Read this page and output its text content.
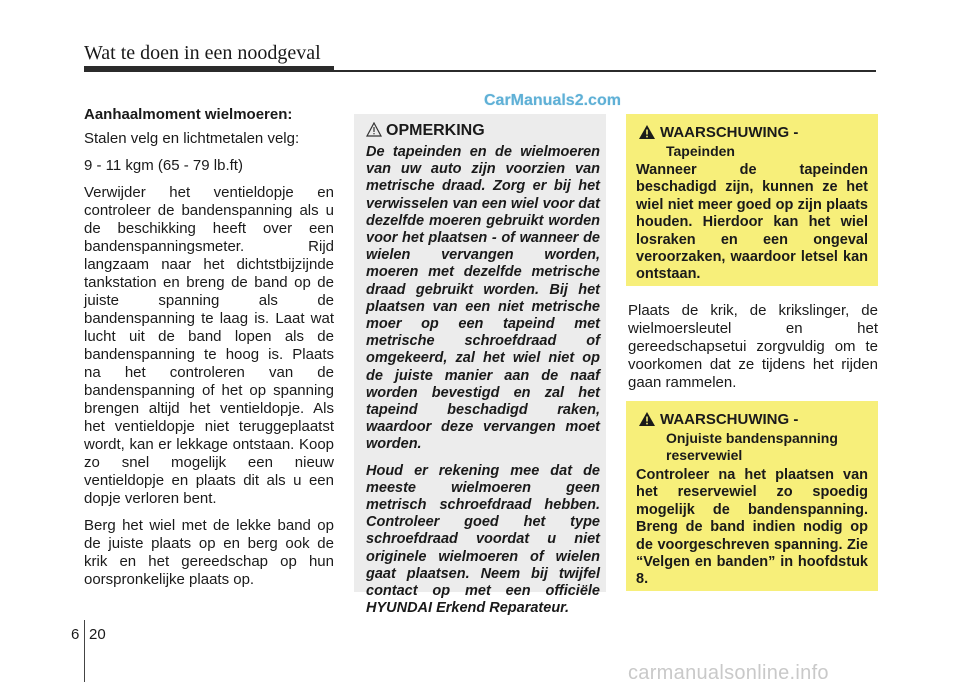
Wat te doen in een noodgeval
CarManuals2.com

Aanhaalmoment wielmoeren:

Stalen velg en lichtmetalen velg:

9 - 11 kgm (65 - 79 lb.ft)

Verwijder het ventieldopje en controleer de bandenspanning als u de beschikking heeft over een bandenspanningsmeter. Rijd langzaam naar het dichtstbijzijnde tankstation en breng de band op de juiste spanning als de bandenspanning te laag is. Laat wat lucht uit de band lopen als de bandenspanning te hoog is. Plaats na het controleren van de bandenspanning of het op spanning brengen altijd het ventieldopje. Als het ventieldopje niet teruggeplaatst wordt, kan er lekkage ontstaan. Koop zo snel mogelijk een nieuw ventieldopje en plaats dit als u een dopje verloren bent.

Berg het wiel met de lekke band op de juiste plaats op en berg ook de krik en het gereedschap op hun oorspronkelijke plaats op.

OPMERKING

De tapeinden en de wielmoeren van uw auto zijn voorzien van metrische draad. Zorg er bij het verwisselen van een wiel voor dat dezelfde moeren gebruikt worden voor het plaatsen - of wanneer de wielen vervangen worden, moeren met dezelfde metrische draad gebruikt worden. Bij het plaatsen van een niet metrische moer op een tapeind met metrische schroefdraad of omgekeerd, zal het wiel niet op de juiste manier aan de naaf worden bevestigd en zal het tapeind beschadigd raken, waardoor deze vervangen moet worden.

Houd er rekening mee dat de meeste wielmoeren geen metrisch schroefdraad hebben. Controleer goed het type schroefdraad voordat u niet originele wielmoeren of wielen gaat plaatsen. Neem bij twijfel contact op met een officiële HYUNDAI Erkend Reparateur.

WAARSCHUWING -
Tapeinden
Wanneer de tapeinden beschadigd zijn, kunnen ze het wiel niet meer goed op zijn plaats houden. Hierdoor kan het wiel losraken en een ongeval veroorzaken, waardoor letsel kan ontstaan.
Plaats de krik, de krikslinger, de wielmoersleutel en het gereedschapsetui zorgvuldig om te voorkomen dat ze tijdens het rijden gaan rammelen.
WAARSCHUWING -
Onjuiste bandenspanning
reservewiel
Controleer na het plaatsen van het reservewiel zo spoedig mogelijk de bandenspanning. Breng de band indien nodig op de voorgeschreven spanning. Zie “Velgen en banden” in hoofdstuk 8.
6 20
carmanualsonline.info
